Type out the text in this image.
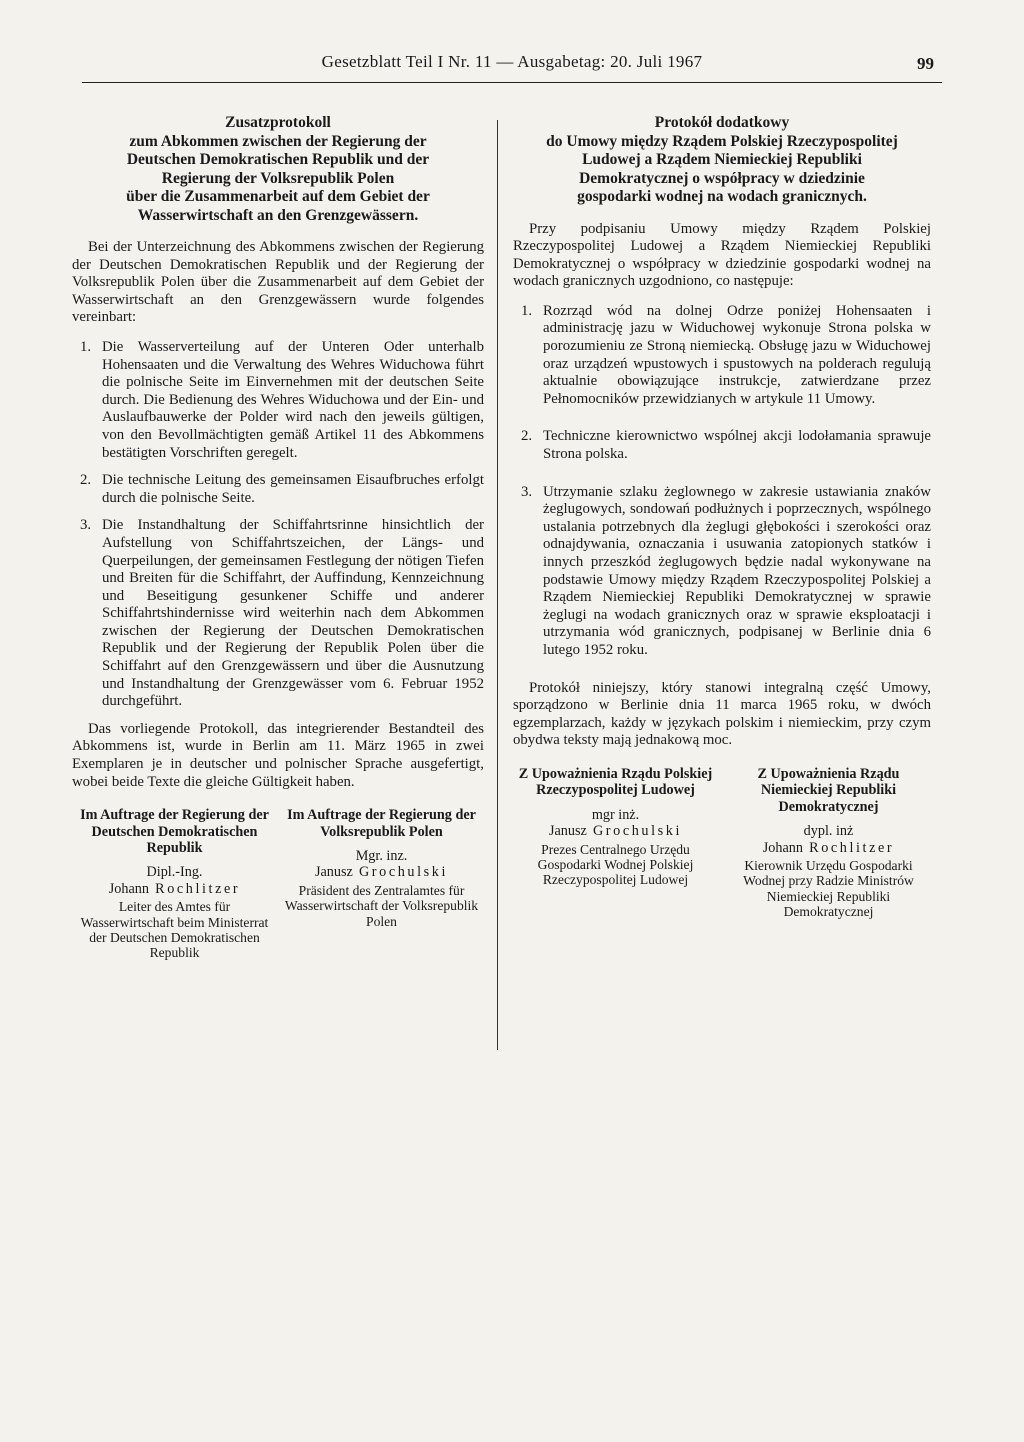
Gesetzblatt Teil I Nr. 11 — Ausgabetag: 20. Juli 1967	99
Zusatzprotokoll
zum Abkommen zwischen der Regierung der
Deutschen Demokratischen Republik und der
Regierung der Volksrepublik Polen
über die Zusammenarbeit auf dem Gebiet der
Wasserwirtschaft an den Grenzgewässern.

Bei der Unterzeichnung des Abkommens zwischen der Regierung der Deutschen Demokratischen Republik und der Regierung der Volksrepublik Polen über die Zusammenarbeit auf dem Gebiet der Wasserwirtschaft an den Grenzgewässern wurde folgendes vereinbart:

1. Die Wasserverteilung auf der Unteren Oder unterhalb Hohensaaten und die Verwaltung des Wehres Widuchowa führt die polnische Seite im Einvernehmen mit der deutschen Seite durch. Die Bedienung des Wehres Widuchowa und der Ein- und Auslaufbauwerke der Polder wird nach den jeweils gültigen, von den Bevollmächtigten gemäß Artikel 11 des Abkommens bestätigten Vorschriften geregelt.
2. Die technische Leitung des gemeinsamen Eisaufbruches erfolgt durch die polnische Seite.
3. Die Instandhaltung der Schiffahrtsrinne hinsichtlich der Aufstellung von Schiffahrtszeichen, der Längs- und Querpeilungen, der gemeinsamen Festlegung der nötigen Tiefen und Breiten für die Schiffahrt, der Auffindung, Kennzeichnung und Beseitigung gesunkener Schiffe und anderer Schiffahrtshindernisse wird weiterhin nach dem Abkommen zwischen der Regierung der Deutschen Demokratischen Republik und der Regierung der Republik Polen über die Schiffahrt auf den Grenzgewässern und über die Ausnutzung und Instandhaltung der Grenzgewässer vom 6. Februar 1952 durchgeführt.

Das vorliegende Protokoll, das integrierender Bestandteil des Abkommens ist, wurde in Berlin am 11. März 1965 in zwei Exemplaren je in deutscher und polnischer Sprache ausgefertigt, wobei beide Texte die gleiche Gültigkeit haben.

Im Auftrage der Regierung der Deutschen Demokratischen Republik
Dipl.-Ing.
Johann Rochlitzer
Leiter des Amtes für Wasserwirtschaft beim Ministerrat der Deutschen Demokratischen Republik
Im Auftrage der Regierung der Volksrepublik Polen
Mgr. inz.
Janusz Grochulski
Präsident des Zentralamtes für Wasserwirtschaft der Volksrepublik Polen
Protokół dodatkowy
do Umowy między Rządem Polskiej Rzeczypospolitej
Ludowej a Rządem Niemieckiej Republiki
Demokratycznej o współpracy w dziedzinie
gospodarki wodnej na wodach granicznych.

Przy podpisaniu Umowy między Rządem Polskiej Rzeczypospolitej Ludowej a Rządem Niemieckiej Republiki Demokratycznej o współpracy w dziedzinie gospodarki wodnej na wodach granicznych uzgodniono, co następuje:

1. Rozrząd wód na dolnej Odrze poniżej Hohensaaten i administrację jazu w Widuchowej wykonuje Strona polska w porozumieniu ze Stroną niemiecką. Obsługę jazu w Widuchowej oraz urządzeń wpustowych i spustowych na polderach regulują aktualnie obowiązujące instrukcje, zatwierdzane przez Pełnomocników przewidzianych w artykule 11 Umowy.
2. Techniczne kierownictwo wspólnej akcji lodołamania sprawuje Strona polska.
3. Utrzymanie szlaku żeglownego w zakresie ustawiania znaków żeglugowych, sondowań podłużnych i poprzecznych, wspólnego ustalania potrzebnych dla żeglugi głębokości i szerokości oraz odnajdywania, oznaczania i usuwania zatopionych statków i innych przeszkód żeglugowych będzie nadal wykonywane na podstawie Umowy między Rządem Rzeczypospolitej Polskiej a Rządem Niemieckiej Republiki Demokratycznej w sprawie żeglugi na wodach granicznych oraz w sprawie eksploatacji i utrzymania wód granicznych, podpisanej w Berlinie dnia 6 lutego 1952 roku.

Protokół niniejszy, który stanowi integralną część Umowy, sporządzono w Berlinie dnia 11 marca 1965 roku, w dwóch egzemplarzach, każdy w językach polskim i niemieckim, przy czym obydwa teksty mają jednakową moc.

Z Upoważnienia Rządu Polskiej Rzeczypospolitej Ludowej
mgr inż.
Janusz Grochulski
Prezes Centralnego Urzędu Gospodarki Wodnej Polskiej Rzeczypospolitej Ludowej
Z Upoważnienia Rządu Niemieckiej Republiki Demokratycznej
dypl. inż
Johann Rochlitzer
Kierownik Urzędu Gospodarki Wodnej przy Radzie Ministrów Niemieckiej Republiki Demokratycznej
